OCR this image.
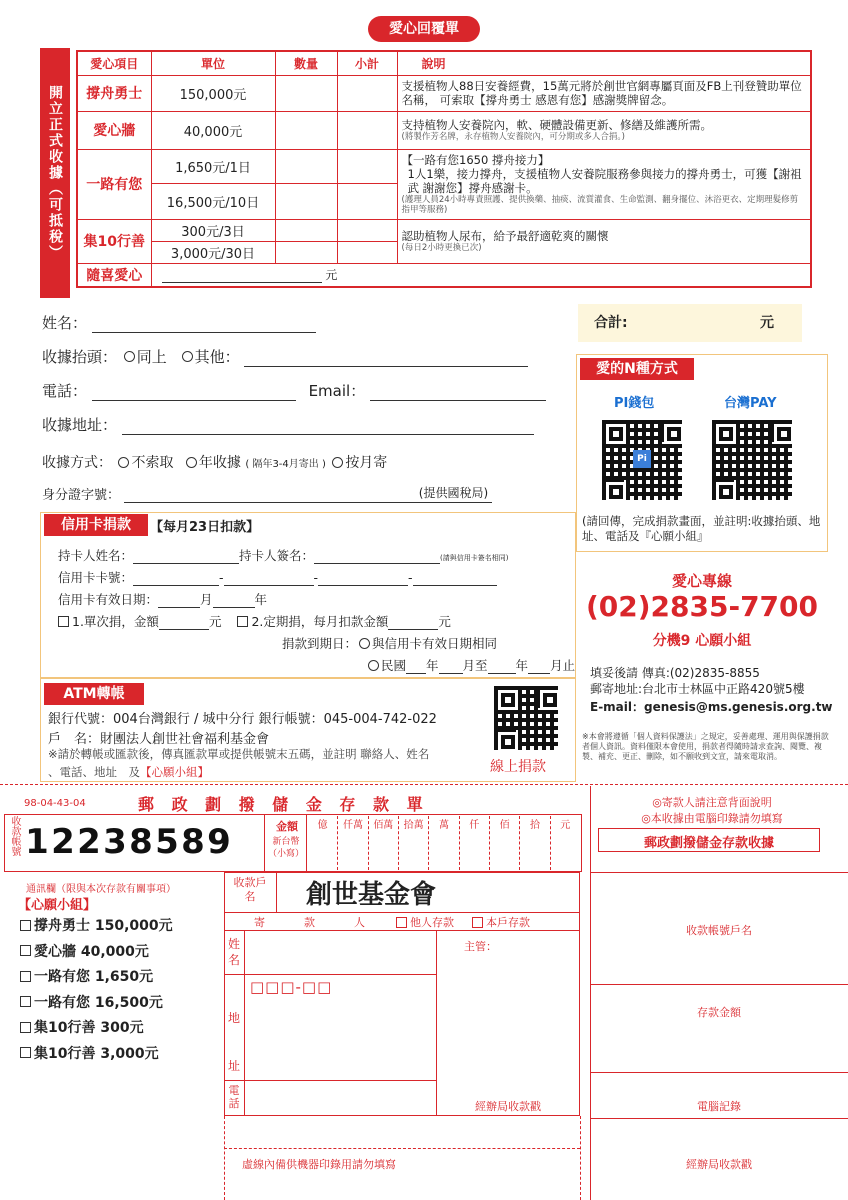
愛心回覆單
開立正式收據（可抵稅）
愛心項目	單位	數量	小計	說明
撐舟勇士	150,000元			支援植物人88日安養經費，15萬元將於創世官網專屬頁面及FB上刊登贊助單位名稱， 可索取【撐舟勇士 感恩有您】感謝獎牌留念。
愛心牆	40,000元			支持植物人安養院內，軟、硬體設備更新、修繕及維護所需。
(將製作芳名牌，永存植物人安養院內，可分期或多人合捐。)

一路有您	1,650元/1日			【一路有您1650 撐舟接力】
1人1樂，接力撐舟，支援植物人安養院服務參與接力的撐舟勇士，可獲【謝祖武 謝謝您】撐舟感謝卡。
(護理人員24小時專責照護、提供換藥、抽痰、流質灌食、生命監測、翻身擺位、沐浴更衣、定期理髮修剪指甲等服務)

	16,500元/10日			
集10行善	300元/3日			認助植物人尿布，給予最舒適乾爽的關懷
(每日2小時更換已次)

	3,000元/30日			
隨喜愛心	元			
姓名：	合計:	元
收據抬頭： 同上 其他：
電話：	Email：
收據地址：
收據方式： 不索取 年收據 ( 隔年3-4月寄出 ) 按月寄
身分證字號：	(提供國稅局)
愛的N種方式
PI錢包	台灣PAY
Pi
(請回傳，完成捐款畫面，並註明:收據抬頭、地址、電話及『心願小組』
愛心專線
(02)2835-7700
分機9 心願小組
填妥後請 傳真:(02)2835-8855
郵寄地址:台北市士林區中正路420號5樓
E-mail：genesis@ms.genesis.org.tw
※本會將遵循「個人資料保護法」之規定，妥善處理、運用與保護捐款者個人資訊。資料僅限本會使用，捐款者得隨時請求查詢、閱覽、複製、補充、更正、刪除，如不願收到文宣，請來電取消。
信用卡捐款	【每月23日扣款】
持卡人姓名：	持卡人簽名：	(請與信用卡簽名相同)
信用卡卡號：	-	-	-
信用卡有效日期：	月	年
1.單次捐，金額	元 2.定期捐，每月扣款金額	元
捐款到期日： 與信用卡有效日期相同
民國 年 月至 年 月止
ATM轉帳
銀行代號：004台灣銀行 / 城中分行 銀行帳號：045-004-742-022
戶　名：財團法人創世社會福利基金會
※請於轉帳或匯款後，傳真匯款單或提供帳號末五碼，並註明 聯絡人、姓名
、電話、地址　及【心願小組】	線上捐款
98-04-43-04	郵 政 劃 撥 儲 金 存 款 單	◎寄款人請注意背面說明
◎本收據由電腦印錄請勿填寫
收款帳號 12238589	金額
新台幣（小寫）
億	仟萬	佰萬	拾萬	萬	仟	佰	拾	元
郵政劃撥儲金存款收據
通訊欄（限與本次存款有關事項）
【心願小組】
撐舟勇士 150,000元
愛心牆 40,000元
一路有您 1,650元
一路有您 16,500元
集10行善 300元
集10行善 3,000元
收款戶名	創世基金會
寄　款　人	他人存款	本戶存款
姓名
地址
□□□-□□
電話
主管：
經辦局收款戳
虛線內備供機器印錄用請勿填寫
收款帳號戶名
存款金額
電腦記錄
經辦局收款戳
